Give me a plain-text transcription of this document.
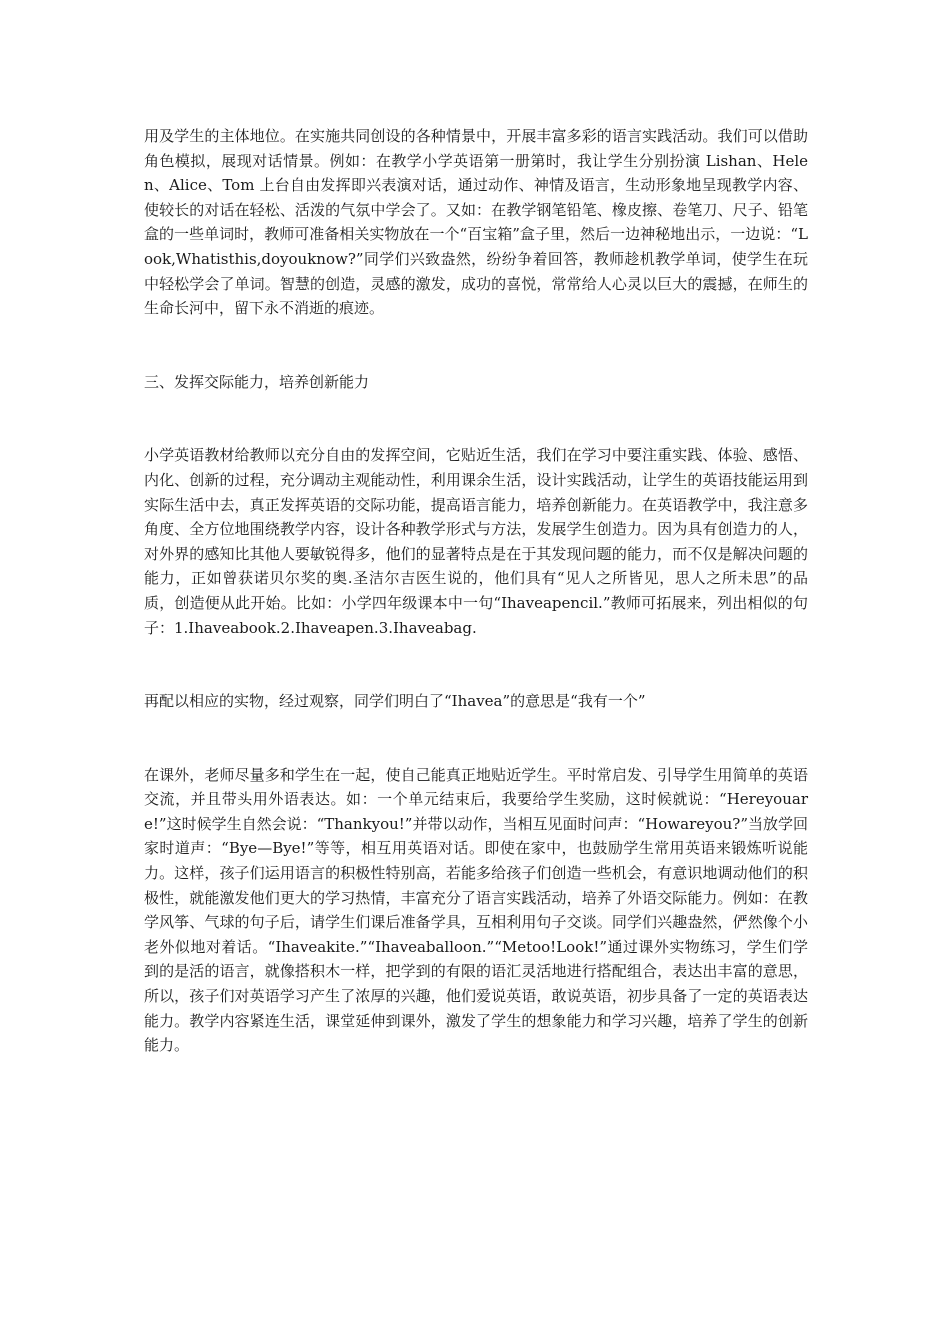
用及学生的主体地位。在实施共同创设的各种情景中，开展丰富多彩的语言实践活动。我们可以借助角色模拟，展现对话情景。例如：在教学小学英语第一册第时，我让学生分别扮演 Lishan、Helen、Alice、Tom 上台自由发挥即兴表演对话，通过动作、神情及语言，生动形象地呈现教学内容、使较长的对话在轻松、活泼的气氛中学会了。又如：在教学钢笔铅笔、橡皮擦、卷笔刀、尺子、铅笔盒的一些单词时，教师可准备相关实物放在一个“百宝箱”盒子里，然后一边神秘地出示，一边说：“Look,Whatisthis,doyouknow?”同学们兴致盎然，纷纷争着回答，教师趁机教学单词，使学生在玩中轻松学会了单词。智慧的创造，灵感的激发，成功的喜悦，常常给人心灵以巨大的震撼，在师生的生命长河中，留下永不消逝的痕迹。

三、发挥交际能力，培养创新能力

小学英语教材给教师以充分自由的发挥空间，它贴近生活，我们在学习中要注重实践、体验、感悟、内化、创新的过程，充分调动主观能动性，利用课余生活，设计实践活动，让学生的英语技能运用到实际生活中去，真正发挥英语的交际功能，提高语言能力，培养创新能力。在英语教学中，我注意多角度、全方位地围绕教学内容，设计各种教学形式与方法，发展学生创造力。因为具有创造力的人，对外界的感知比其他人要敏锐得多，他们的显著特点是在于其发现问题的能力，而不仅是解决问题的能力，正如曾获诺贝尔奖的奥.圣洁尔吉医生说的，他们具有“见人之所皆见，思人之所未思”的品质，创造便从此开始。比如：小学四年级课本中一句“Ihaveapencil.”教师可拓展来，列出相似的句子：1.Ihaveabook.2.Ihaveapen.3.Ihaveabag.

再配以相应的实物，经过观察，同学们明白了“Ihavea”的意思是“我有一个”

在课外，老师尽量多和学生在一起，使自己能真正地贴近学生。平时常启发、引导学生用简单的英语交流，并且带头用外语表达。如：一个单元结束后，我要给学生奖励，这时候就说：“Hereyouare!”这时候学生自然会说：“Thankyou!”并带以动作，当相互见面时问声：“Howareyou?”当放学回家时道声：“Bye—Bye!”等等，相互用英语对话。即使在家中，也鼓励学生常用英语来锻炼听说能力。这样，孩子们运用语言的积极性特别高，若能多给孩子们创造一些机会，有意识地调动他们的积极性，就能激发他们更大的学习热情，丰富充分了语言实践活动，培养了外语交际能力。例如：在教学风筝、气球的句子后，请学生们课后准备学具，互相利用句子交谈。同学们兴趣盎然，俨然像个小老外似地对着话。“Ihaveakite.”“Ihaveaballoon.”“Metoo!Look!”通过课外实物练习，学生们学到的是活的语言，就像搭积木一样，把学到的有限的语汇灵活地进行搭配组合，表达出丰富的意思，所以，孩子们对英语学习产生了浓厚的兴趣，他们爱说英语，敢说英语，初步具备了一定的英语表达能力。教学内容紧连生活，课堂延伸到课外，激发了学生的想象能力和学习兴趣，培养了学生的创新能力。
